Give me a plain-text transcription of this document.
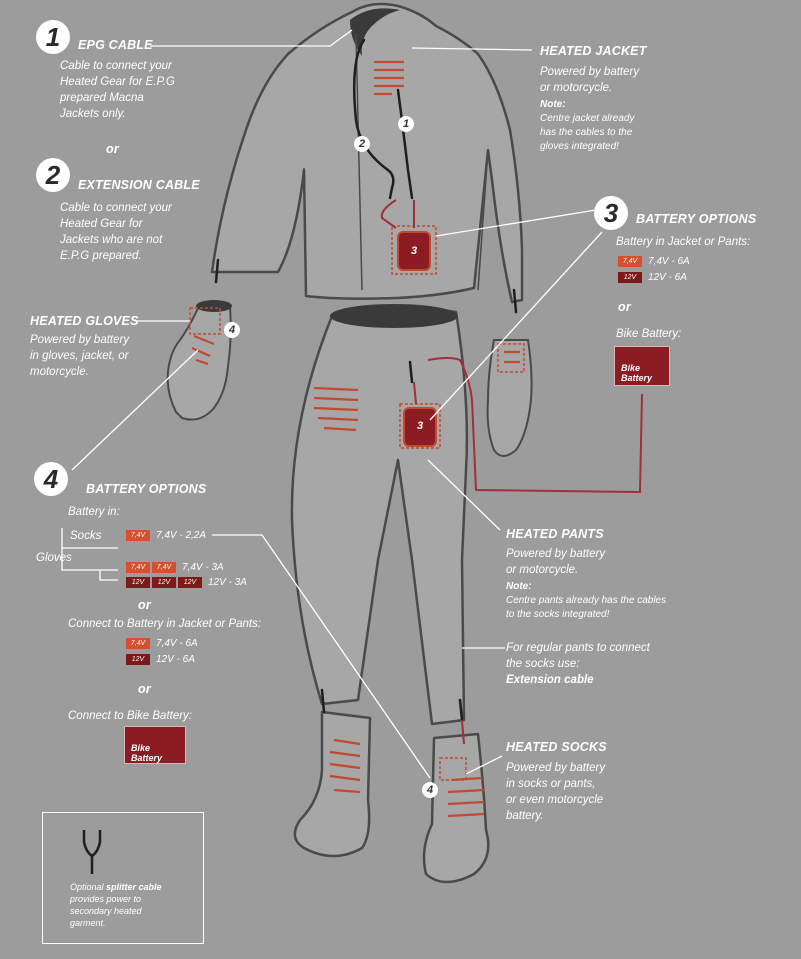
1
2
3
3
4
4
1	EPG CABLE
Cable to connect your
Heated Gear for E.P.G
prepared Macna
Jackets only.
or
2	EXTENSION CABLE
Cable to connect your
Heated Gear for
Jackets who are not
E.P.G prepared.
HEATED GLOVES
Powered by battery
in gloves, jacket, or
motorcycle.
HEATED JACKET
Powered by battery
or motorcycle.
Note:
Centre jacket already
has the cables to the
gloves integrated!
3	BATTERY OPTIONS
Battery in Jacket or Pants:
7,4V	7,4V - 6A
12V	12V - 6A
or
Bike Battery:
Bike Battery
4	BATTERY OPTIONS
Battery in:
Socks
Gloves
7,4V	7,4V - 2,2A
7,4V	7,4V	7,4V - 3A
12V	12V	12V	12V - 3A
or
Connect to Battery in Jacket or Pants:
7,4V	7,4V - 6A
12V	12V - 6A
or
Connect to Bike Battery:
Bike Battery
HEATED PANTS
Powered by battery
or motorcycle.
Note:
Centre pants already has the cables
to the socks integrated!
For regular pants to connect
the socks use:
Extension cable
HEATED SOCKS
Powered by battery
in socks or pants,
or even motorcycle
battery.
Optional splitter cable
provides power to
secondary heated
garment.
